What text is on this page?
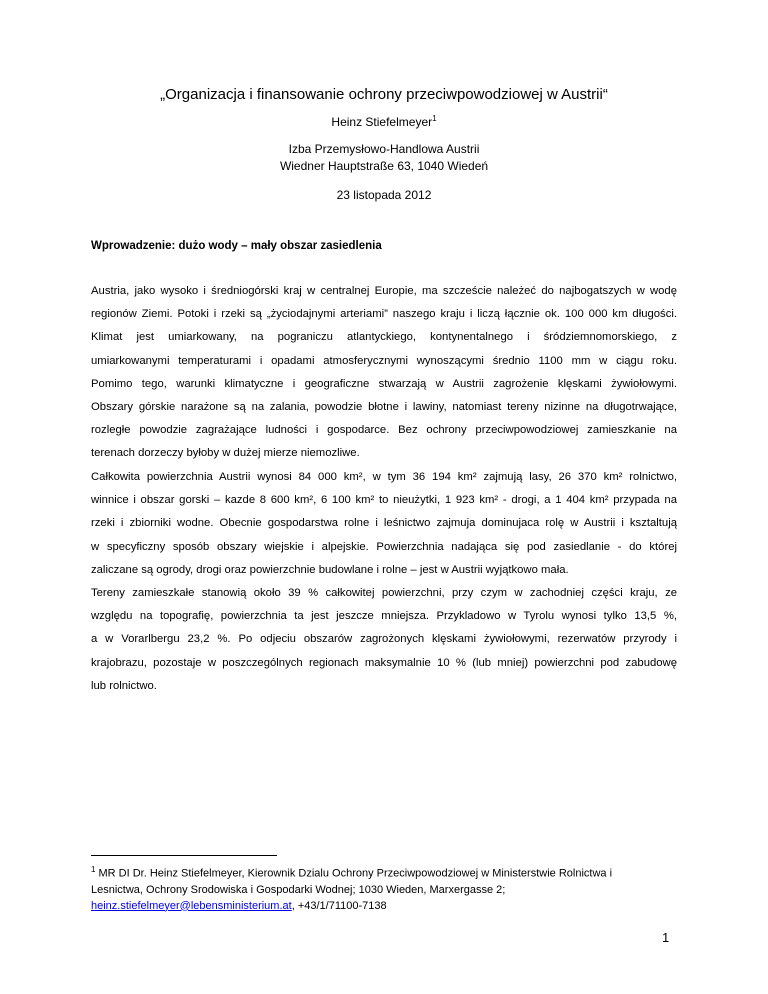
„Organizacja i finansowanie ochrony przeciwpowodziowej w Austrii“
Heinz Stiefelmeyer$^1$
Izba Przemysłowo-Handlowa Austrii
Wiedner Hauptstraße 63, 1040 Wiedeń
23 listopada 2012
Wprowadzenie: dużo wody – mały obszar zasiedlenia
Austria, jako wysoko i średniogórski kraj w centralnej Europie, ma szczeście należeć do najbogatszych w wodę
regionów Ziemi. Potoki i rzeki są „życiodajnymi arteriami” naszego kraju i liczą łącznie ok. 100 000 km długości.
Klimat jest umiarkowany, na pograniczu atlantyckiego, kontynentalnego i śródziemnomorskiego, z
umiarkowanymi temperaturami i opadami atmosferycznymi wynoszącymi średnio 1100 mm w ciągu roku.
Pomimo tego, warunki klimatyczne i geograficzne stwarzają w Austrii zagrożenie klęskami żywiołowymi.
Obszary górskie narażone są na zalania, powodzie błotne i lawiny, natomiast tereny nizinne na długotrwające,
rozległe powodzie zagrażające ludności i gospodarce. Bez ochrony przeciwpowodziowej zamieszkanie na
terenach dorzeczy byłoby w dużej mierze niemozliwe.
Całkowita powierzchnia Austrii wynosi 84 000 km², w tym 36 194 km² zajmują lasy, 26 370 km² rolnictwo,
winnice i obszar gorski – kazde 8 600 km², 6 100 km² to nieużytki, 1 923 km² - drogi, a 1 404 km² przypada na
rzeki i zbiorniki wodne. Obecnie gospodarstwa rolne i leśnictwo zajmuja dominujaca rolę w Austrii i ksztaltują
w specyficzny sposób obszary wiejskie i alpejskie. Powierzchnia nadająca się pod zasiedlanie - do której
zaliczane są ogrody, drogi oraz powierzchnie budowlane i rolne – jest w Austrii wyjątkowo mała.
Tereny zamieszkałe stanowią około 39 % całkowitej powierzchni, przy czym w zachodniej części kraju, ze
względu na topografię, powierzchnia ta jest jeszcze mniejsza. Przykladowo w Tyrolu wynosi tylko 13,5 %,
a w Vorarlbergu 23,2 %. Po odjeciu obszarów zagrożonych klęskami żywiołowymi, rezerwatów przyrody i
krajobrazu, pozostaje w poszczególnych regionach maksymalnie 10 % (lub mniej) powierzchni pod zabudowę
lub rolnictwo.
$^1$ MR DI Dr. Heinz Stiefelmeyer, Kierownik Dzialu Ochrony Przeciwpowodziowej w Ministerstwie Rolnictwa i
Lesnictwa, Ochrony Srodowiska i Gospodarki Wodnej; 1030 Wieden, Marxergasse 2;
heinz.stiefelmeyer@lebensministerium.at, +43/1/71100-7138
1
